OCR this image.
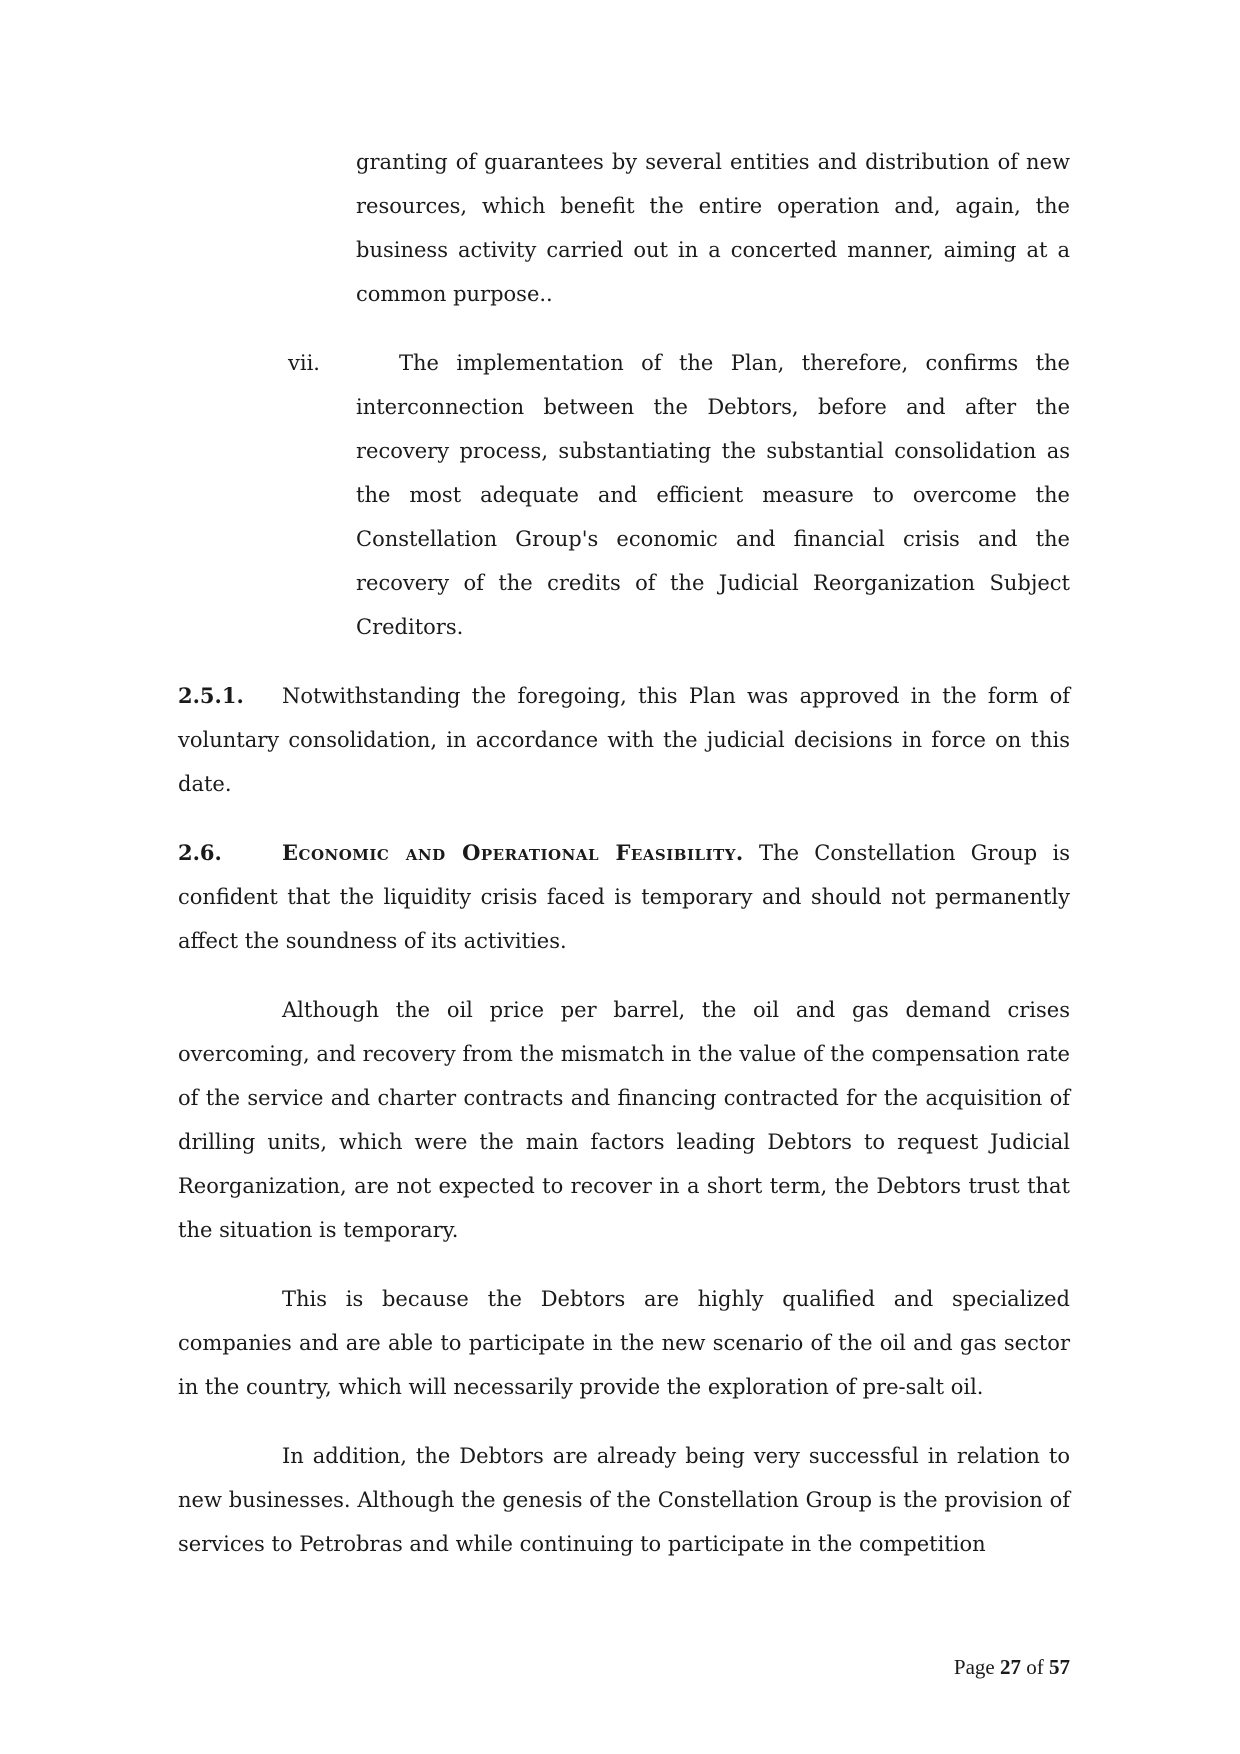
granting of guarantees by several entities and distribution of new resources, which benefit the entire operation and, again, the business activity carried out in a concerted manner, aiming at a common purpose..

vii.	The implementation of the Plan, therefore, confirms the interconnection between the Debtors, before and after the recovery process, substantiating the substantial consolidation as the most adequate and efficient measure to overcome the Constellation Group's economic and financial crisis and the recovery of the credits of the Judicial Reorganization Subject Creditors.

2.5.1. Notwithstanding the foregoing, this Plan was approved in the form of voluntary consolidation, in accordance with the judicial decisions in force on this date.

2.6.	Economic and Operational Feasibility. The Constellation Group is confident that the liquidity crisis faced is temporary and should not permanently affect the soundness of its activities.

Although the oil price per barrel, the oil and gas demand crises overcoming, and recovery from the mismatch in the value of the compensation rate of the service and charter contracts and financing contracted for the acquisition of drilling units, which were the main factors leading Debtors to request Judicial Reorganization, are not expected to recover in a short term, the Debtors trust that the situation is temporary.

This is because the Debtors are highly qualified and specialized companies and are able to participate in the new scenario of the oil and gas sector in the country, which will necessarily provide the exploration of pre-salt oil.

In addition, the Debtors are already being very successful in relation to new businesses. Although the genesis of the Constellation Group is the provision of services to Petrobras and while continuing to participate in the competition

Page 27 of 57
